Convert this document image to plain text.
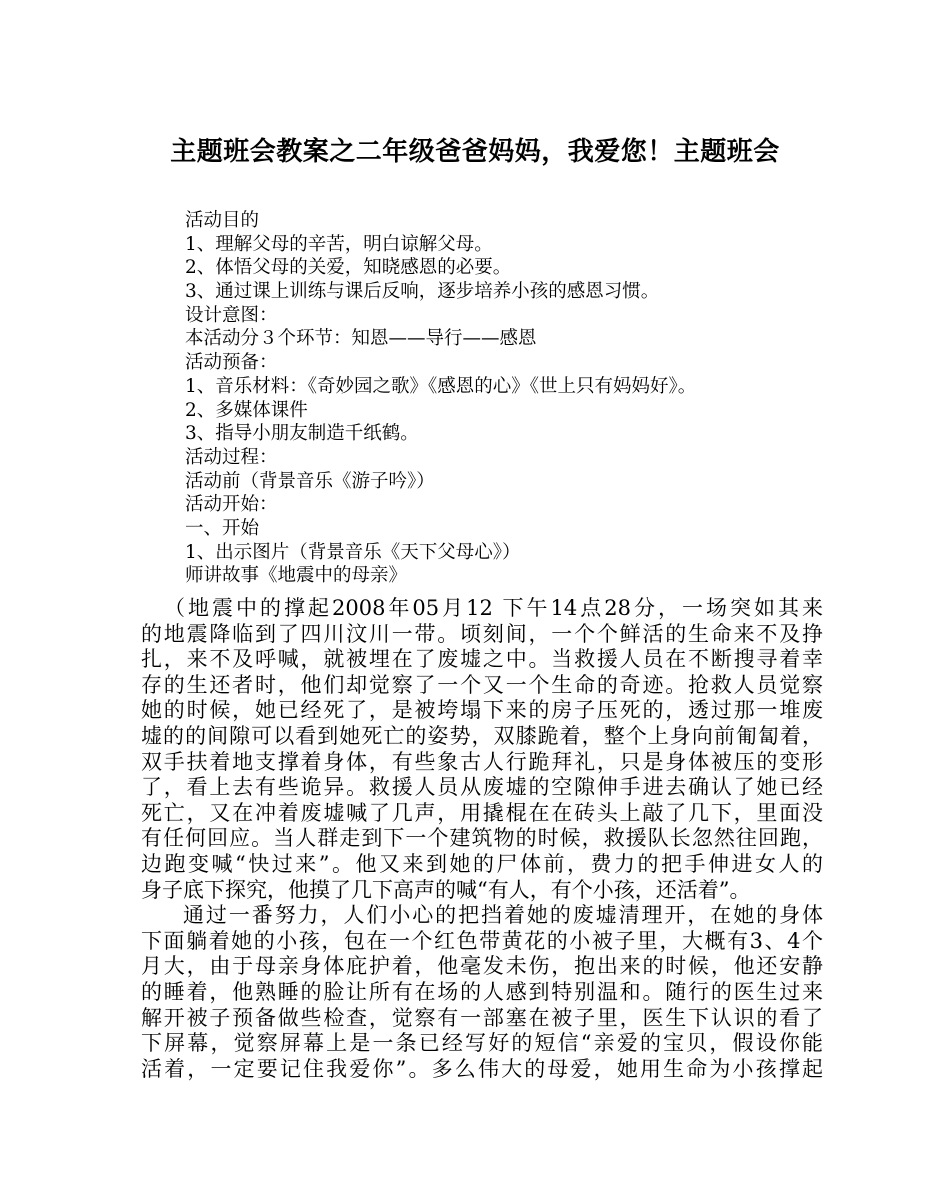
主题班会教案之二年级爸爸妈妈，我爱您！主题班会
活动目的
1、理解父母的辛苦，明白谅解父母。
2、体悟父母的关爱，知晓感恩的必要。
3、通过课上训练与课后反响，逐步培养小孩的感恩习惯。
设计意图：
本活动分３个环节：知恩——导行——感恩
活动预备：
1、音乐材料：《奇妙园之歌》《感恩的心》《世上只有妈妈好》。
2、多媒体课件
3、指导小朋友制造千纸鹤。
活动过程：
活动前（背景音乐《游子吟》）
活动开始：
一、开始
1、出示图片（背景音乐《天下父母心》）
师讲故事《地震中的母亲》
（地震中的撑起2008年05月12 下午14点28分，一场突如其来
的地震降临到了四川汶川一带。顷刻间，一个个鲜活的生命来不及挣
扎，来不及呼喊，就被埋在了废墟之中。当救援人员在不断搜寻着幸
存的生还者时，他们却觉察了一个又一个生命的奇迹。抢救人员觉察
她的时候，她已经死了，是被垮塌下来的房子压死的，透过那一堆废
墟的的间隙可以看到她死亡的姿势，双膝跪着，整个上身向前匍匐着，
双手扶着地支撑着身体，有些象古人行跪拜礼，只是身体被压的变形
了，看上去有些诡异。救援人员从废墟的空隙伸手进去确认了她已经
死亡，又在冲着废墟喊了几声，用撬棍在在砖头上敲了几下，里面没
有任何回应。当人群走到下一个建筑物的时候，救援队长忽然往回跑，
边跑变喊“快过来”。他又来到她的尸体前，费力的把手伸进女人的
身子底下探究，他摸了几下高声的喊“有人，有个小孩，还活着”。
通过一番努力，人们小心的把挡着她的废墟清理开，在她的身体
下面躺着她的小孩，包在一个红色带黄花的小被子里，大概有3、4个
月大，由于母亲身体庇护着，他毫发未伤，抱出来的时候，他还安静
的睡着，他熟睡的脸让所有在场的人感到特别温和。随行的医生过来
解开被子预备做些检查，觉察有一部塞在被子里，医生下认识的看了
下屏幕，觉察屏幕上是一条已经写好的短信“亲爱的宝贝，假设你能
活着，一定要记住我爱你”。多么伟大的母爱，她用生命为小孩撑起
